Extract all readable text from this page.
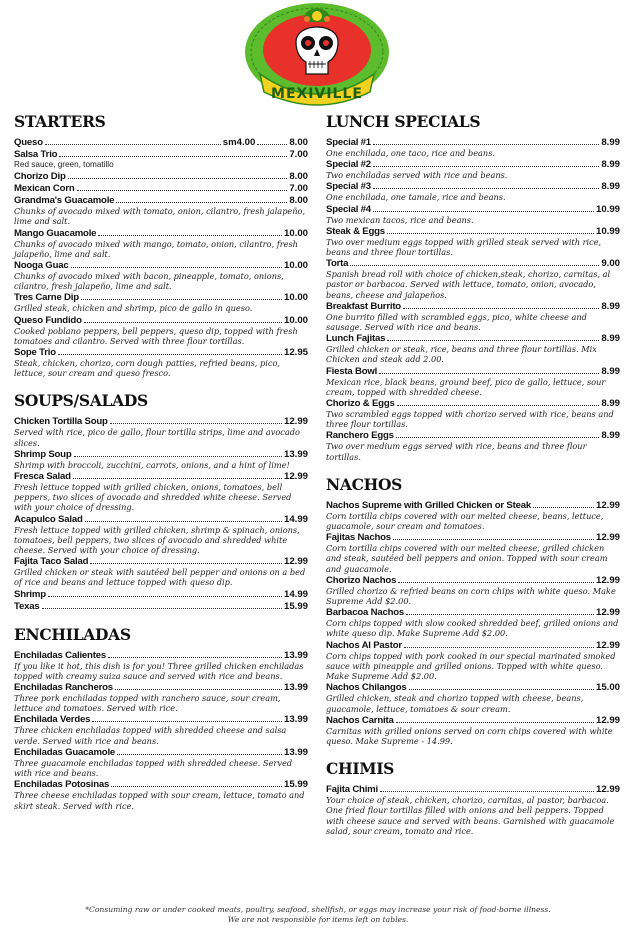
MEXIVILLE
STARTERS
Queso	sm4.00	8.00
Salsa Trio	7.00
Red sauce, green, tomatillo
Chorizo Dip	8.00
Mexican Corn	7.00
Grandma's Guacamole	8.00
Chunks of avocado mixed with tomato, onion, cilantro, fresh jalapeño, lime and salt.
Mango Guacamole	10.00
Chunks of avocado mixed with mango, tomato, onion, cilantro, fresh jalapeño, lime and salt.
Nooga Guac	10.00
Chunks of avocado mixed with bacon, pineapple, tomato, onions, cilantro, fresh jalapeño, lime and salt.
Tres Carne Dip	10.00
Grilled steak, chicken and shrimp, pico de gallo in queso.
Queso Fundido	10.00
Cooked poblano peppers, bell peppers, queso dip, topped with fresh tomatoes and cilantro. Served with three flour tortillas.
Sope Trio	12.95
Steak, chicken, chorizo, corn dough patties, refried beans, pico, lettuce, sour cream and queso fresco.
SOUPS/SALADS
Chicken Tortilla Soup	12.99
Served with rice, pico de gallo, flour tortilla strips, lime and avocado slices.
Shrimp Soup	13.99
Shrimp with broccoli, zucchini, carrots, onions, and a hint of lime!
Fresca Salad	12.99
Fresh lettuce topped with grilled chicken, onions, tomatoes, bell peppers, two slices of avocado and shredded white cheese. Served with your choice of dressing.
Acapulco Salad	14.99
Fresh lettuce topped with grilled chicken, shrimp & spinach, onions, tomatoes, bell peppers, two slices of avocado and shredded white cheese. Served with your choice of dressing.
Fajita Taco Salad	12.99
Grilled chicken or steak with sautéed bell pepper and onions on a bed of rice and beans and lettuce topped with queso dip.
Shrimp	14.99
Texas	15.99
ENCHILADAS
Enchiladas Calientes	13.99
If you like it hot, this dish is for you! Three grilled chicken enchiladas topped with creamy suiza sauce and served with rice and beans.
Enchiladas Rancheros	13.99
Three pork enchiladas topped with ranchero sauce, sour cream, lettuce and tomatoes. Served with rice.
Enchilada Verdes	13.99
Three chicken enchiladas topped with shredded cheese and salsa verde. Served with rice and beans.
Enchiladas Guacamole	13.99
Three guacamole enchiladas topped with shredded cheese. Served with rice and beans.
Enchiladas Potosinas	15.99
Three cheese enchiladas topped with sour cream, lettuce, tomato and skirt steak. Served with rice.
LUNCH SPECIALS
Special #1	8.99
One enchilada, one taco, rice and beans.
Special #2	8.99
Two enchiladas served with rice and beans.
Special #3	8.99
One enchilada, one tamale, rice and beans.
Special #4	10.99
Two mexican tacos, rice and beans.
Steak & Eggs	10.99
Two over medium eggs topped with grilled steak served with rice, beans and three flour tortillas.
Torta	9.00
Spanish bread roll with choice of chicken,steak, chorizo, carnitas, al pastor or barbacoa. Served with lettuce, tomato, onion, avocado, beans, cheese and jalapeños.
Breakfast Burrito	8.99
One burrito filled with scrambled eggs, pico, white cheese and sausage. Served with rice and beans.
Lunch Fajitas	8.99
Grilled chicken or steak, rice, beans and three flour tortillas. Mix Chicken and steak add 2.00.
Fiesta Bowl	8.99
Mexican rice, black beans, ground beef, pico de gallo, lettuce, sour cream, topped with shredded cheese.
Chorizo & Eggs	8.99
Two scrambled eggs topped with chorizo served with rice, beans and three flour tortillas.
Ranchero Eggs	8.99
Two over medium eggs served with rice, beans and three flour tortillas.
NACHOS
Nachos Supreme with Grilled Chicken or Steak	12.99
Corn tortilla chips covered with our melted cheese, beans, lettuce, guacamole, sour cream and tomatoes.
Fajitas Nachos	12.99
Corn tortilla chips covered with our melted cheese, grilled chicken and steak, sautéed bell peppers and onion. Topped with sour cream and guacamole.
Chorizo Nachos	12.99
Grilled chorizo & refried beans on corn chips with white queso. Make Supreme Add $2.00.
Barbacoa Nachos	12.99
Corn chips topped with slow cooked shredded beef, grilled onions and white queso dip. Make Supreme Add $2.00.
Nachos Al Pastor	12.99
Corn chips topped with pork cooked in our special marinated smoked sauce with pineapple and grilled onions. Topped with white queso. Make Supreme Add $2.00.
Nachos Chilangos	15.00
Grilled chicken, steak and chorizo topped with cheese, beans, guacamole, lettuce, tomatoes & sour cream.
Nachos Carnita	12.99
Carnitas with grilled onions served on corn chips covered with white queso. Make Supreme - 14.99.
CHIMIS
Fajita Chimi	12.99
Your choice of steak, chicken, chorizo, carnitas, al pastor, barbacoa.
One fried flour tortillas filled with onions and bell peppers. Topped with cheese sauce and served with beans. Garnished with guacamole salad, sour cream, tomato and rice.
*Consuming raw or under cooked meats, poultry, seafood, shellfish, or eggs may increase your risk of food-borne illness.
We are not responsible for items left on tables.
